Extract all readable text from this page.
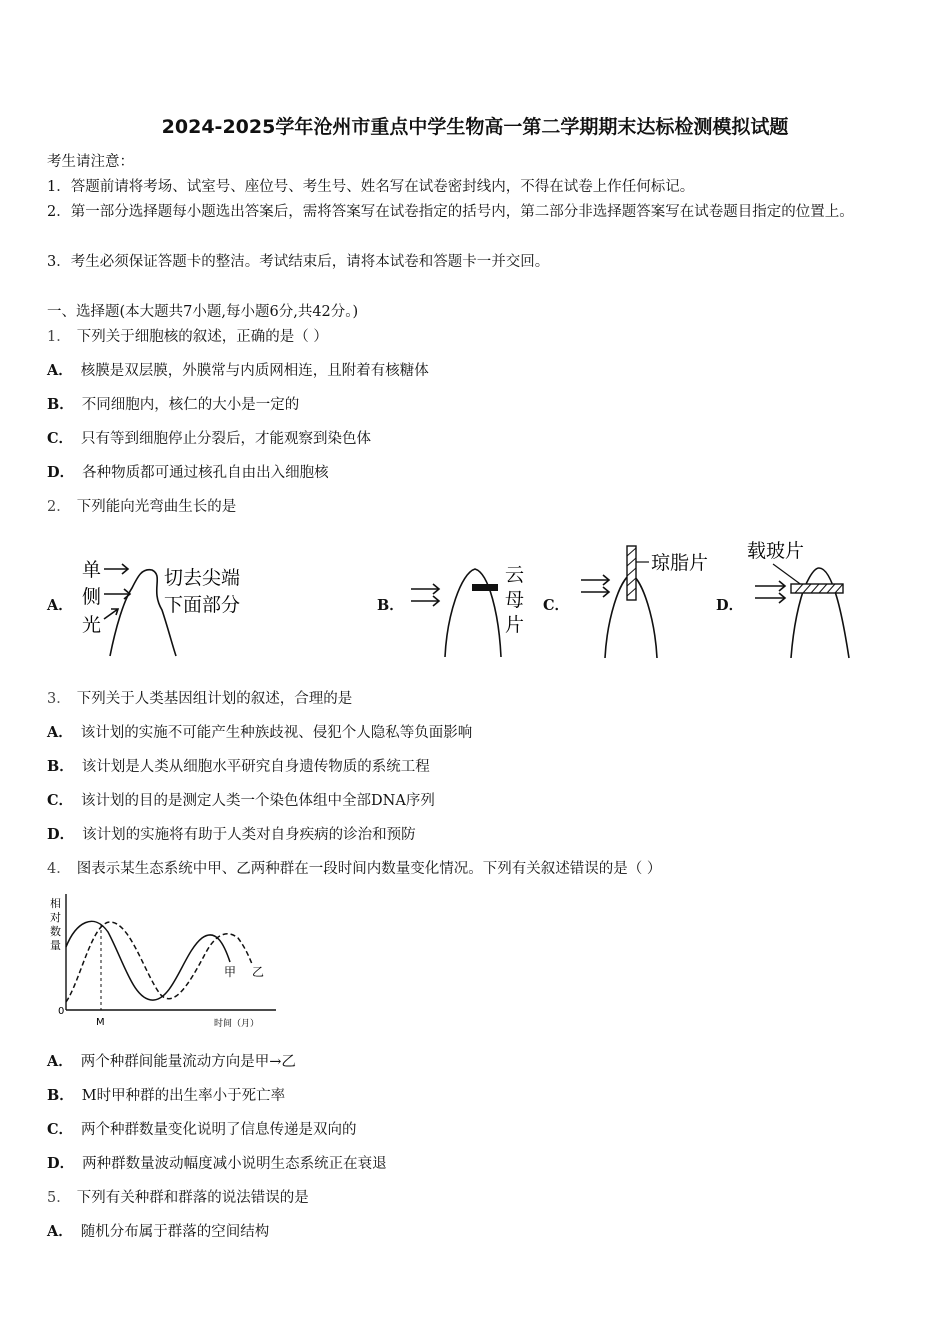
2024-2025学年沧州市重点中学生物高一第二学期期末达标检测模拟试题
考生请注意：
1．答题前请将考场、试室号、座位号、考生号、姓名写在试卷密封线内，不得在试卷上作任何标记。
2．第一部分选择题每小题选出答案后，需将答案写在试卷指定的括号内，第二部分非选择题答案写在试卷题目指定的位置上。
3．考生必须保证答题卡的整洁。考试结束后，请将本试卷和答题卡一并交回。
一、选择题(本大题共7小题,每小题6分,共42分。)
1． 下列关于细胞核的叙述，正确的是（ ）
A． 核膜是双层膜，外膜常与内质网相连，且附着有核糖体
B． 不同细胞内，核仁的大小是一定的
C． 只有等到细胞停止分裂后，才能观察到染色体
D． 各种物质都可通过核孔自由出入细胞核
2． 下列能向光弯曲生长的是
A．
单
侧
光
切去尖端
下面部分	B．
云
母
片
C．
琼脂片
D．
载玻片
3． 下列关于人类基因组计划的叙述，合理的是
A． 该计划的实施不可能产生种族歧视、侵犯个人隐私等负面影响
B． 该计划是人类从细胞水平研究自身遗传物质的系统工程
C． 该计划的目的是测定人类一个染色体组中全部DNA序列
D． 该计划的实施将有助于人类对自身疾病的诊治和预防
4． 图表示某生态系统中甲、乙两种群在一段时间内数量变化情况。下列有关叙述错误的是（ ）
相
对
数
量
0
M
甲 乙
时间（月）
A． 两个种群间能量流动方向是甲→乙
B． M时甲种群的出生率小于死亡率
C． 两个种群数量变化说明了信息传递是双向的
D． 两种群数量波动幅度减小说明生态系统正在衰退
5． 下列有关种群和群落的说法错误的是
A． 随机分布属于群落的空间结构
